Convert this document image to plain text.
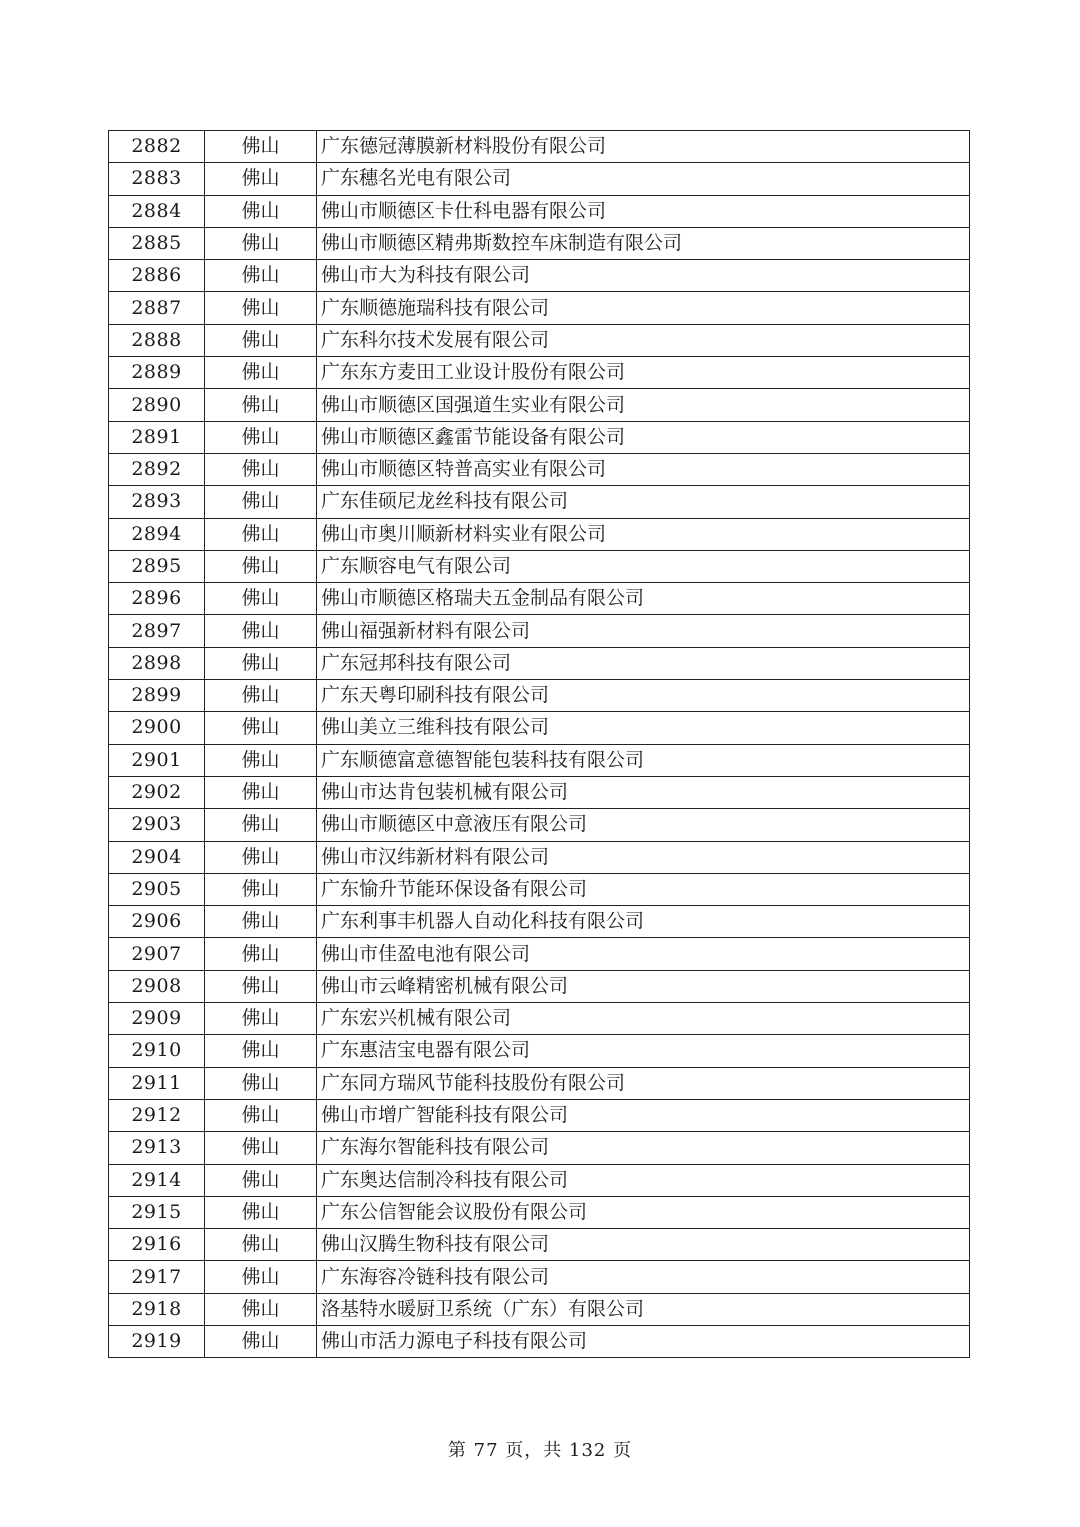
2882	佛山	广东德冠薄膜新材料股份有限公司
2883	佛山	广东穗名光电有限公司
2884	佛山	佛山市顺德区卡仕科电器有限公司
2885	佛山	佛山市顺德区精弗斯数控车床制造有限公司
2886	佛山	佛山市大为科技有限公司
2887	佛山	广东顺德施瑞科技有限公司
2888	佛山	广东科尔技术发展有限公司
2889	佛山	广东东方麦田工业设计股份有限公司
2890	佛山	佛山市顺德区国强道生实业有限公司
2891	佛山	佛山市顺德区鑫雷节能设备有限公司
2892	佛山	佛山市顺德区特普高实业有限公司
2893	佛山	广东佳硕尼龙丝科技有限公司
2894	佛山	佛山市奥川顺新材料实业有限公司
2895	佛山	广东顺容电气有限公司
2896	佛山	佛山市顺德区格瑞夫五金制品有限公司
2897	佛山	佛山福强新材料有限公司
2898	佛山	广东冠邦科技有限公司
2899	佛山	广东天粤印刷科技有限公司
2900	佛山	佛山美立三维科技有限公司
2901	佛山	广东顺德富意德智能包装科技有限公司
2902	佛山	佛山市达肯包装机械有限公司
2903	佛山	佛山市顺德区中意液压有限公司
2904	佛山	佛山市汉纬新材料有限公司
2905	佛山	广东愉升节能环保设备有限公司
2906	佛山	广东利事丰机器人自动化科技有限公司
2907	佛山	佛山市佳盈电池有限公司
2908	佛山	佛山市云峰精密机械有限公司
2909	佛山	广东宏兴机械有限公司
2910	佛山	广东惠洁宝电器有限公司
2911	佛山	广东同方瑞风节能科技股份有限公司
2912	佛山	佛山市增广智能科技有限公司
2913	佛山	广东海尔智能科技有限公司
2914	佛山	广东奥达信制冷科技有限公司
2915	佛山	广东公信智能会议股份有限公司
2916	佛山	佛山汉腾生物科技有限公司
2917	佛山	广东海容冷链科技有限公司
2918	佛山	洛基特水暖厨卫系统（广东）有限公司
2919	佛山	佛山市活力源电子科技有限公司
第 77 页，共 132 页
